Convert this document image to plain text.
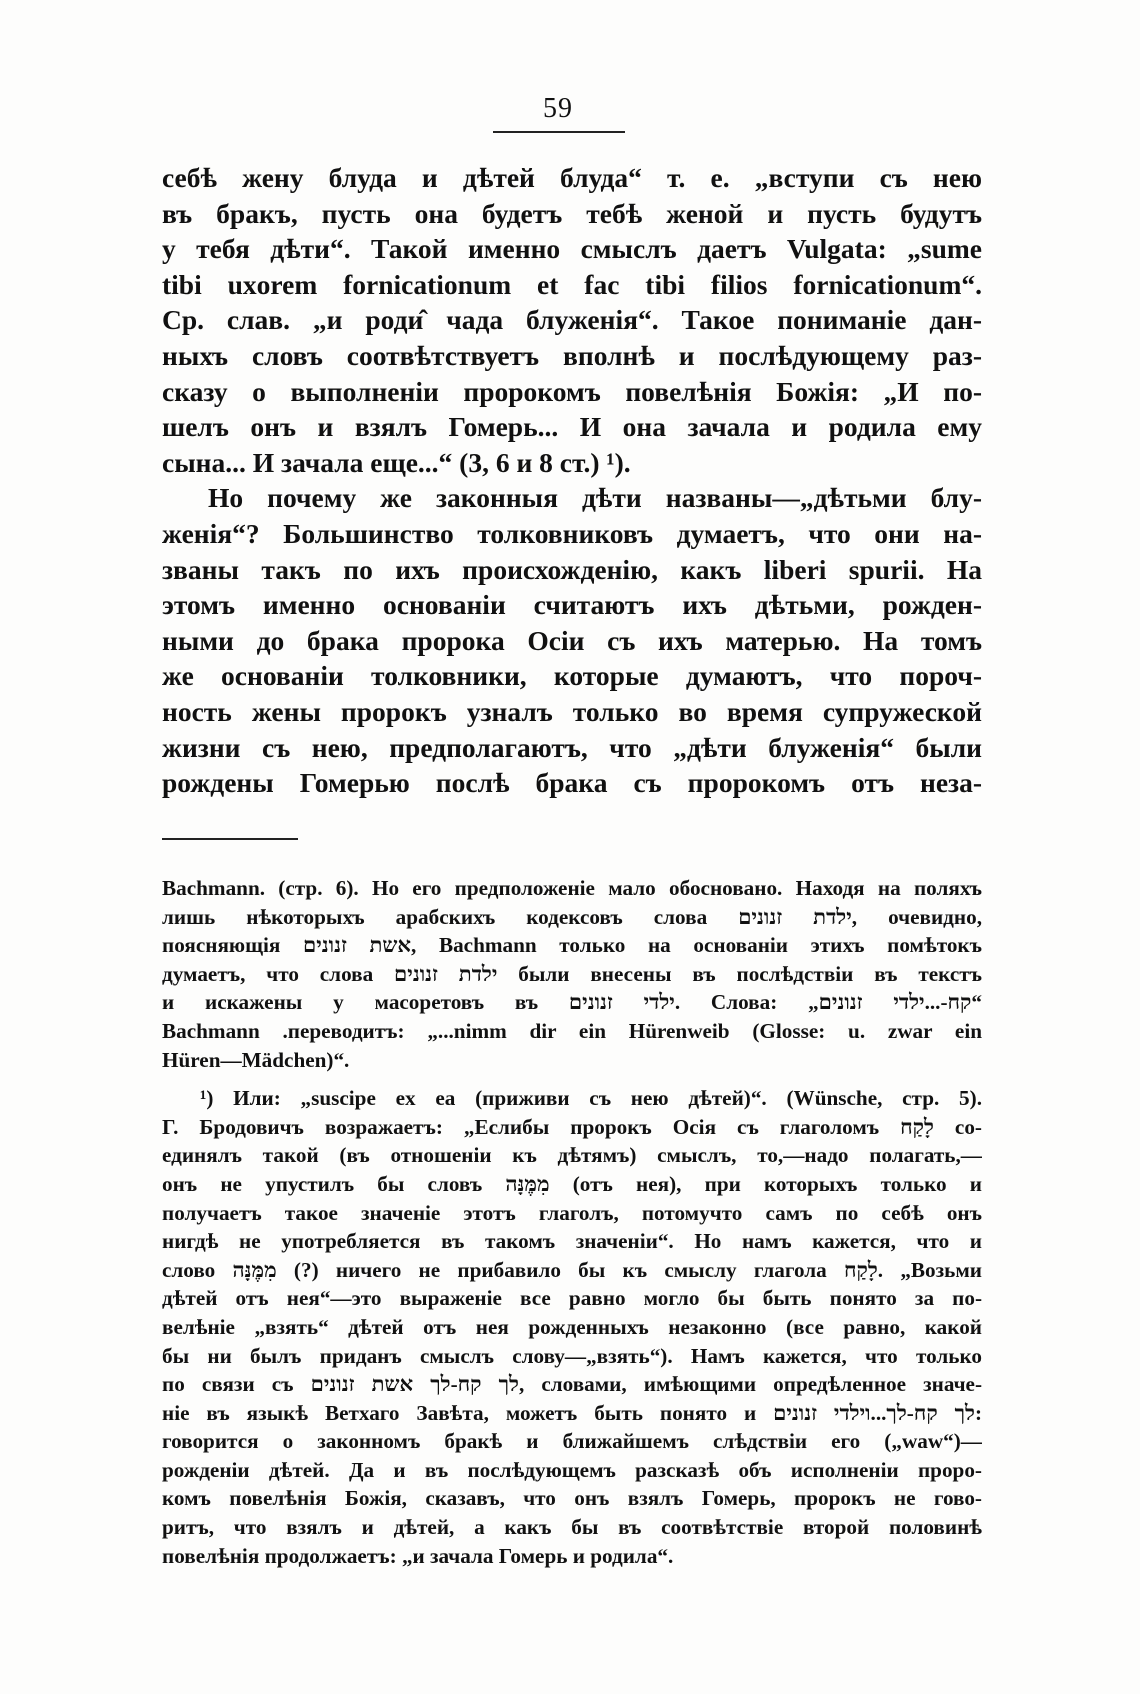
59
себѣ жену блуда и дѣтей блуда“ т. е. „вступи съ нею
въ бракъ, пусть она будетъ тебѣ женой и пусть будутъ
у тебя дѣти“. Такой именно смыслъ даетъ Vulgata: „sume
tibi uxorem fornicationum et fac tibi filios fornicationum“.
Ср. слав. „и роди̂ чада блуженія“. Такое пониманіе дан-
ныхъ словъ соотвѣтствуетъ вполнѣ и послѣдующему раз-
сказу о выполненіи пророкомъ повелѣнія Божія: „И по-
шелъ онъ и взялъ Гомерь... И она зачала и родила ему
сына... И зачала еще...“ (3, 6 и 8 ст.) ¹).
Но почему же законныя дѣти названы—„дѣтьми блу-
женія“? Большинство толковниковъ думаетъ, что они на-
званы такъ по ихъ происхожденію, какъ liberi spurii. На
этомъ именно основаніи считаютъ ихъ дѣтьми, рожден-
ными до брака пророка Осіи съ ихъ матерью. На томъ
же основаніи толковники, которые думаютъ, что пороч-
ность жены пророкъ узналъ только во время супружеской
жизни съ нею, предполагаютъ, что „дѣти блуженія“ были
рождены Гомерью послѣ брака съ пророкомъ отъ неза-
Bachmann. (стр. 6). Но его предположеніе мало обосновано. Находя на поляхъ
лишь нѣкоторыхъ арабскихъ кодексовъ слова ילדת זנונים, очевидно,
поясняющія אשת זנונים, Bachmann только на основаніи этихъ помѣтокъ
думаетъ, что слова ילדת זנונים были внесены въ послѣдствіи въ текстъ
и искажены у масоретовъ въ ילדי זנונים. Слова: „קח-...ילדי זנונים“
Bachmann .переводитъ: „...nimm dir ein Hürenweib (Glosse: u. zwar ein
Hüren—Mädchen)“.
¹) Или: „suscipe ex ea (приживи съ нею дѣтей)“. (Wünsche, стр. 5).
Г. Бродовичъ возражаетъ: „Еслибы пророкъ Осія съ глаголомъ לָקַח со-
единялъ такой (въ отношеніи къ дѣтямъ) смыслъ, то,—надо полагать,—
онъ не упустилъ бы словъ מִמֶּנָּה (отъ нея), при которыхъ только и
получаетъ такое значеніе этотъ глаголъ, потомучто самъ по себѣ онъ
нигдѣ не употребляется въ такомъ значеніи“. Но намъ кажется, что и
слово מִמֶּנָּה (?) ничего не прибавило бы къ смыслу глагола לָקַח. „Возьми
дѣтей отъ нея“—это выраженіе все равно могло бы быть понято за по-
велѣніе „взять“ дѣтей отъ нея рожденныхъ незаконно (все равно, какой
бы ни былъ приданъ смыслъ слову—„взять“). Намъ кажется, что только
по связи съ לך קח-לך אשת זנונים, словами, имѣющими опредѣленное значе-
ніе въ языкѣ Ветхаго Завѣта, можетъ быть понято и לך קח-לך...וילדי זנונים:
говорится о законномъ бракѣ и ближайшемъ слѣдствіи его („waw“)—
рожденіи дѣтей. Да и въ послѣдующемъ разсказѣ объ исполненіи проро-
комъ повелѣнія Божія, сказавъ, что онъ взялъ Гомерь, пророкъ не гово-
ритъ, что взялъ и дѣтей, а какъ бы въ соотвѣтствіе второй половинѣ
повелѣнія продолжаетъ: „и зачала Гомерь и родила“.
